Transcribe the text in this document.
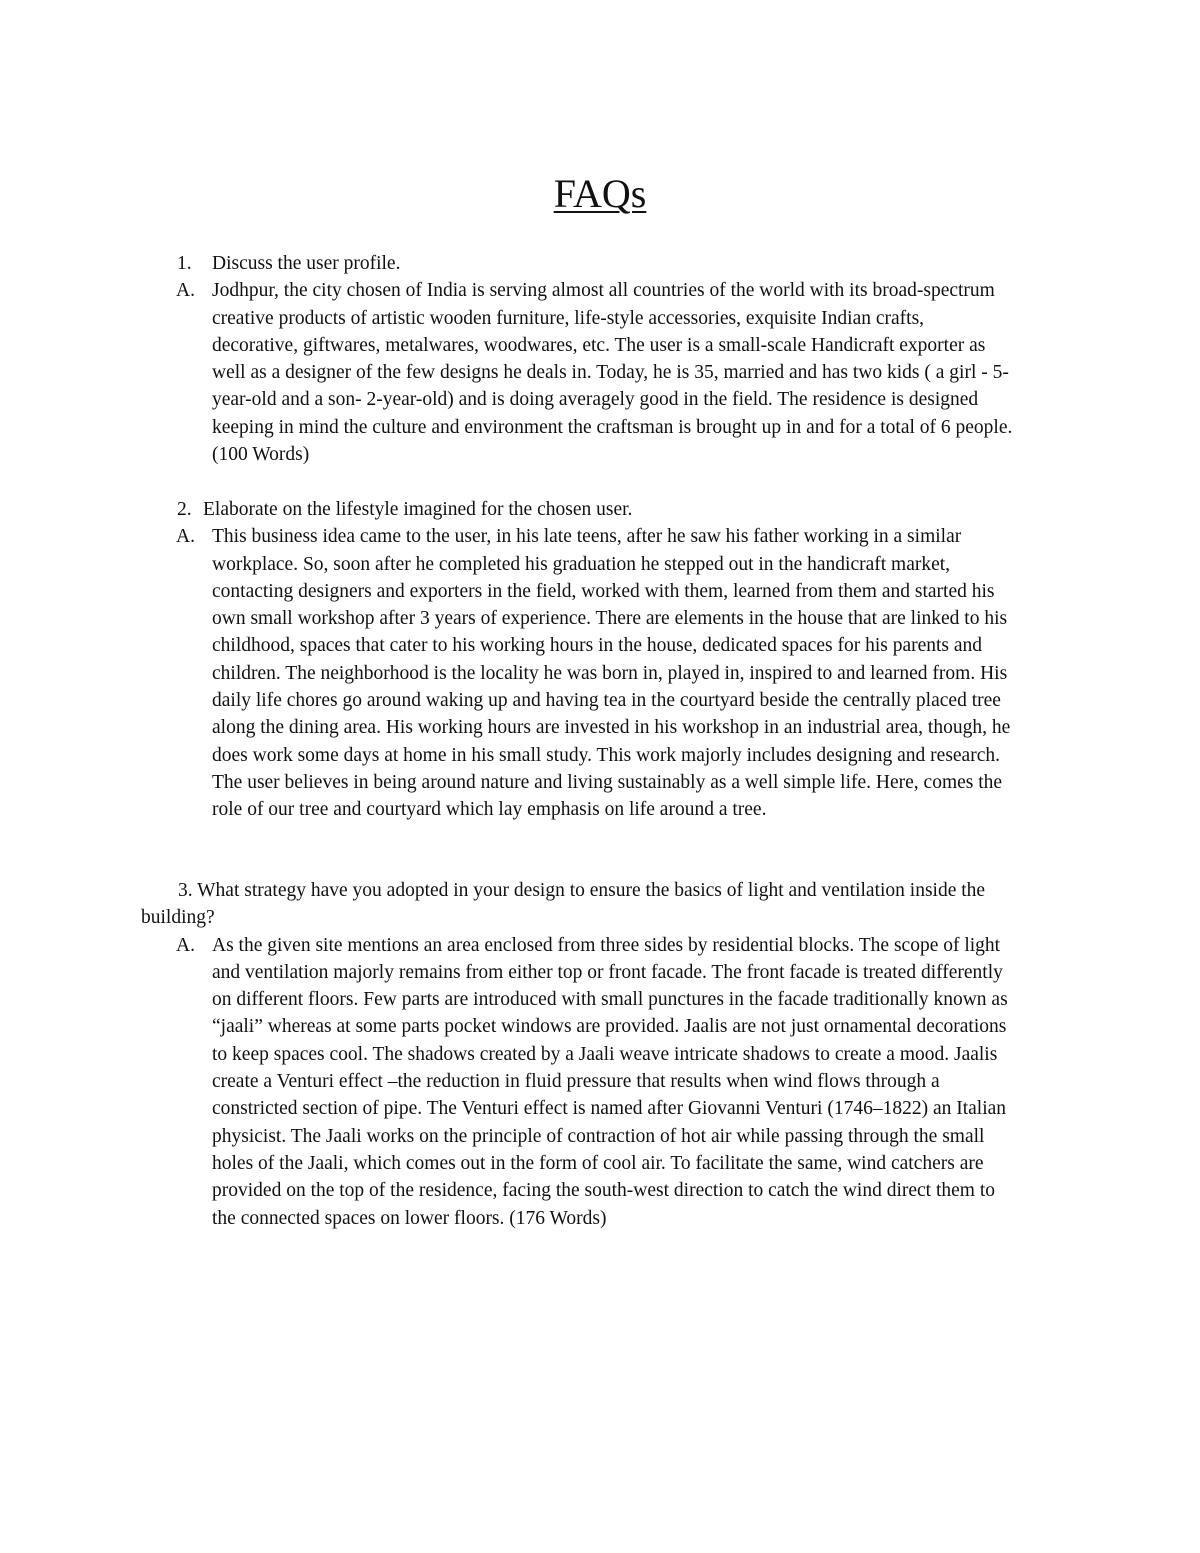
FAQs
1. Discuss the user profile.
A. Jodhpur, the city chosen of India is serving almost all countries of the world with its broad-spectrum
creative products of artistic wooden furniture, life-style accessories, exquisite Indian crafts,
decorative, giftwares, metalwares, woodwares, etc. The user is a small-scale Handicraft exporter as
well as a designer of the few designs he deals in. Today, he is 35, married and has two kids ( a girl - 5-
year-old and a son- 2-year-old) and is doing averagely good in the field. The residence is designed
keeping in mind the culture and environment the craftsman is brought up in and for a total of 6 people.
(100 Words)
2. Elaborate on the lifestyle imagined for the chosen user.
A. This business idea came to the user, in his late teens, after he saw his father working in a similar
workplace. So, soon after he completed his graduation he stepped out in the handicraft market,
contacting designers and exporters in the field, worked with them, learned from them and started his
own small workshop after 3 years of experience. There are elements in the house that are linked to his
childhood, spaces that cater to his working hours in the house, dedicated spaces for his parents and
children. The neighborhood is the locality he was born in, played in, inspired to and learned from. His
daily life chores go around waking up and having tea in the courtyard beside the centrally placed tree
along the dining area. His working hours are invested in his workshop in an industrial area, though, he
does work some days at home in his small study. This work majorly includes designing and research.
The user believes in being around nature and living sustainably as a well simple life. Here, comes the
role of our tree and courtyard which lay emphasis on life around a tree.
3. What strategy have you adopted in your design to ensure the basics of light and ventilation inside the
building?
A. As the given site mentions an area enclosed from three sides by residential blocks. The scope of light
and ventilation majorly remains from either top or front facade. The front facade is treated differently
on different floors. Few parts are introduced with small punctures in the facade traditionally known as
“jaali” whereas at some parts pocket windows are provided. Jaalis are not just ornamental decorations
to keep spaces cool. The shadows created by a Jaali weave intricate shadows to create a mood. Jaalis
create a Venturi effect –the reduction in fluid pressure that results when wind flows through a
constricted section of pipe. The Venturi effect is named after Giovanni Venturi (1746–1822) an Italian
physicist. The Jaali works on the principle of contraction of hot air while passing through the small
holes of the Jaali, which comes out in the form of cool air. To facilitate the same, wind catchers are
provided on the top of the residence, facing the south-west direction to catch the wind direct them to
the connected spaces on lower floors. (176 Words)
